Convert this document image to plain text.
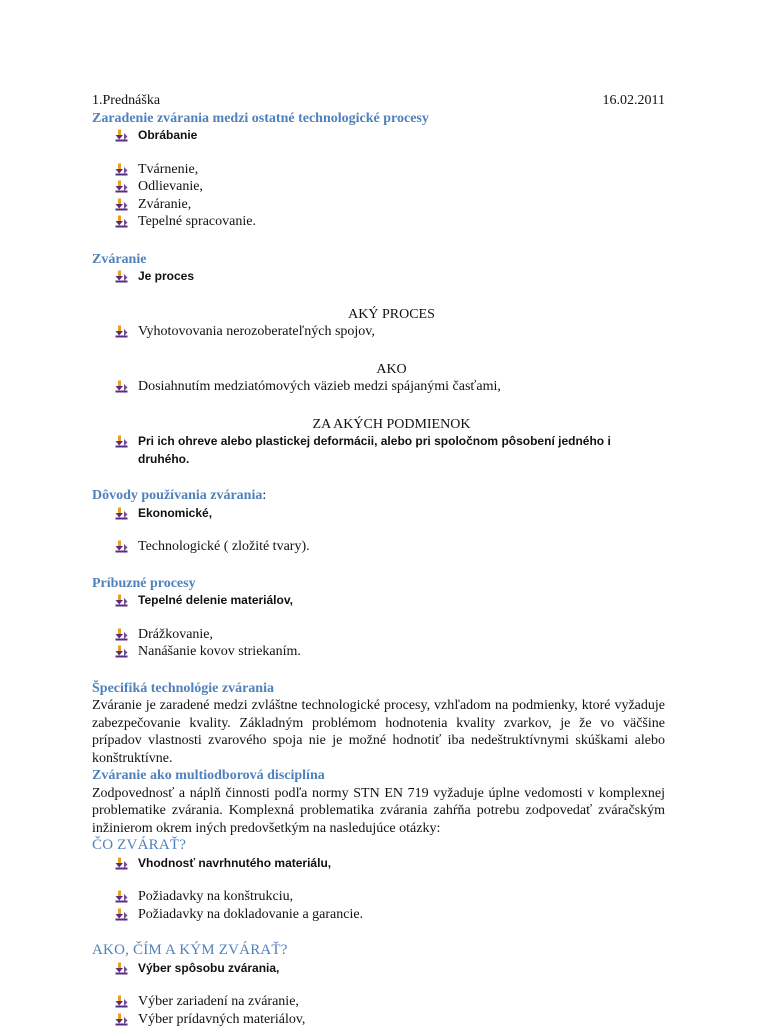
1.Prednáška	16.02.2011
Zaradenie zvárania medzi ostatné technologické procesy
Obrábanie
Tvárnenie,
Odlievanie,
Zváranie,
Tepelné spracovanie.
Zváranie
Je proces
AKÝ PROCES
Vyhotovovania nerozoberateľných spojov,
AKO
Dosiahnutím medziatómových väzieb medzi spájanými časťami,
ZA AKÝCH PODMIENOK
Pri ich ohreve alebo plastickej deformácii, alebo pri spoločnom pôsobení jedného i druhého.
Dôvody používania zvárania:
Ekonomické,
Technologické ( zložité tvary).
Príbuzné procesy
Tepelné delenie materiálov,
Drážkovanie,
Nanášanie kovov striekaním.
Špecifiká technológie zvárania
Zváranie je zaradené medzi zvláštne technologické procesy, vzhľadom na podmienky, ktoré vyžaduje zabezpečovanie kvality. Základným problémom hodnotenia kvality zvarkov, je že vo väčšine prípadov vlastnosti zvarového spoja nie je možné hodnotiť iba nedeštruktívnymi skúškami alebo konštruktívne.
Zváranie ako multiodborová disciplína
Zodpovednosť a náplň činnosti podľa normy STN EN 719 vyžaduje úplne vedomosti v komplexnej problematike zvárania. Komplexná problematika zvárania zahŕňa potrebu zodpovedať zváračským inžinierom okrem iných predovšetkým na nasledujúce otázky:
ČO ZVÁRAŤ?
Vhodnosť navrhnutého materiálu,
Požiadavky na konštrukciu,
Požiadavky na dokladovanie a garancie.
AKO, ČÍM A KÝM ZVÁRAŤ?
Výber spôsobu zvárania,
Výber zariadení na zváranie,
Výber prídavných materiálov,
